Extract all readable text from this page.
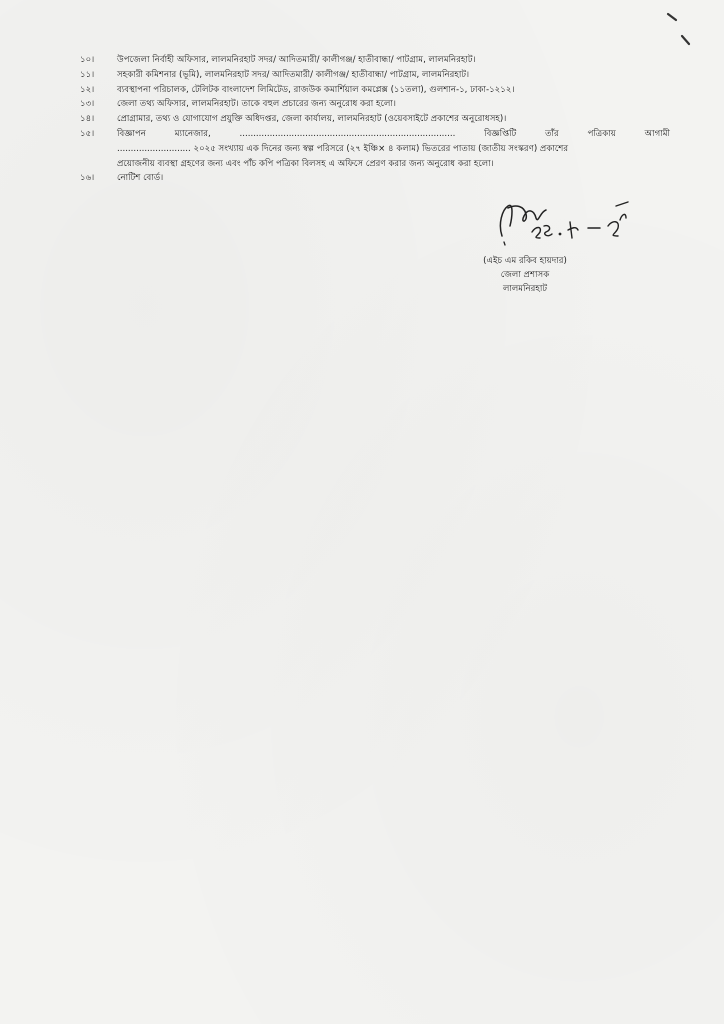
১০।	উপজেলা নির্বাহী অফিসার, লালমনিরহাট সদর/ আদিতমারী/ কালীগঞ্জ/ হাতীবান্ধা/ পাটগ্রাম, লালমনিরহাট।
১১।	সহকারী কমিশনার (ভূমি), লালমনিরহাট সদর/ আদিতমারী/ কালীগঞ্জ/ হাতীবান্ধা/ পাটগ্রাম, লালমনিরহাট।
১২।	ব্যবস্থাপনা পরিচালক, টেলিটক বাংলাদেশ লিমিটেড, রাজউক কমার্শিয়াল কমপ্লেক্স (১১তলা), গুলশান-১, ঢাকা-১২১২।
১৩।	জেলা তথ্য অফিসার, লালমনিরহাট। তাকে বহুল প্রচারের জন্য অনুরোধ করা হলো।
১৪।	প্রোগ্রামার, তথ্য ও যোগাযোগ প্রযুক্তি অধিদপ্তর, জেলা কার্যালয়, লালমনিরহাট (ওয়েবসাইটে প্রকাশের অনুরোধসহ)।
১৫।	বিজ্ঞাপন	ম্যানেজার,	...............................................................................	বিজ্ঞপ্তিটি	তাঁর	পত্রিকায়	আগামী
........................... ২০২৫ সংখ্যায় এক দিনের জন্য স্বল্প পরিসরে (২৭ ইঞ্চি× ৪ কলাম) ভিতরের পাতায় (জাতীয় সংস্করণ) প্রকাশের
প্রয়োজনীয় ব্যবস্থা গ্রহণের জন্য এবং পাঁচ কপি পত্রিকা বিলসহ এ অফিসে প্রেরণ করার জন্য অনুরোধ করা হলো।
১৬।	নোটিশ বোর্ড।
(এইচ এম রকিব হায়দার)
জেলা প্রশাসক
লালমনিরহাট
